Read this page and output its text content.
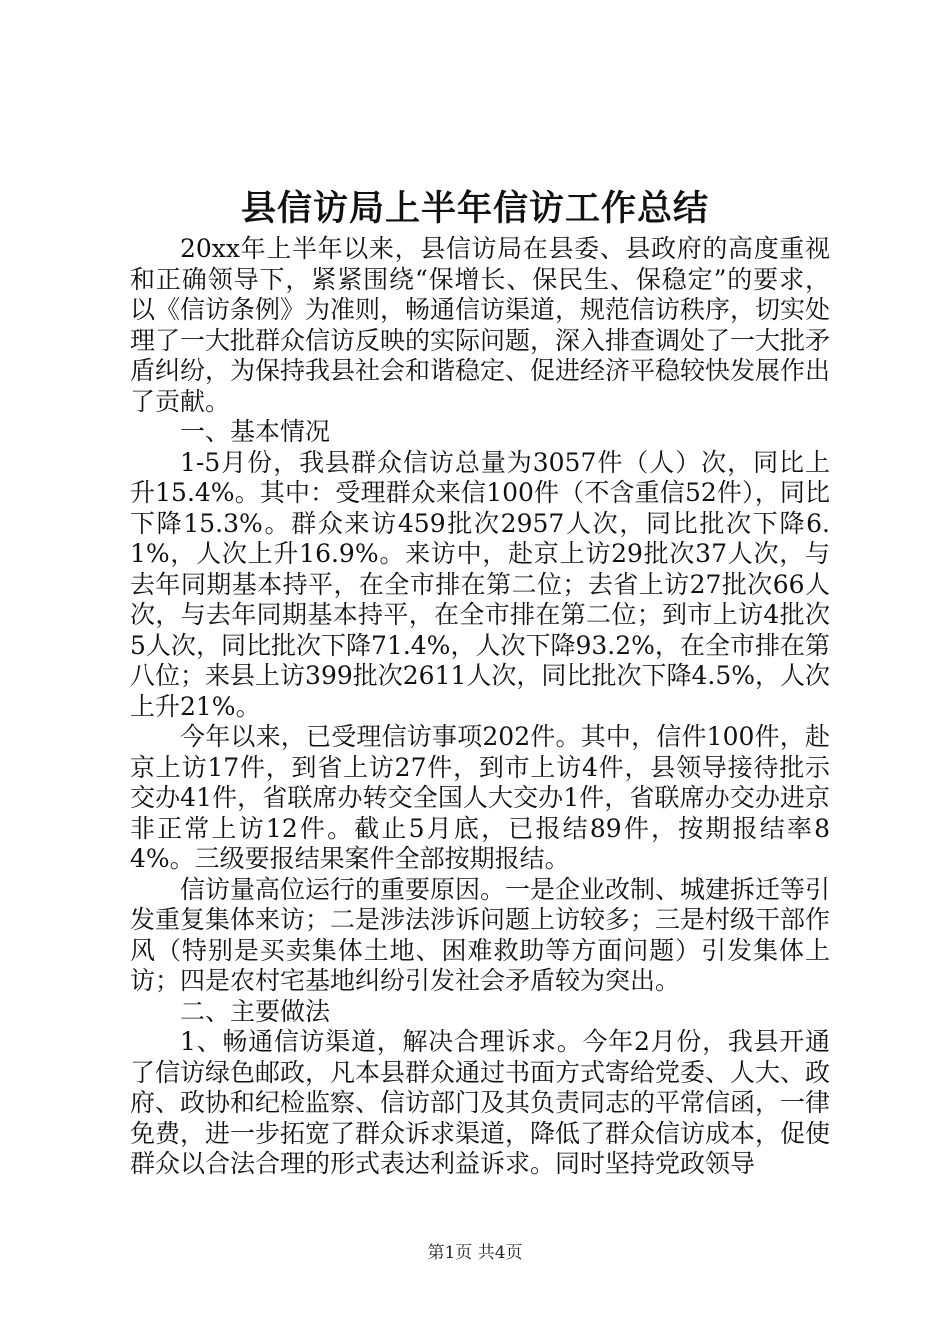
县信访局上半年信访工作总结

20xx年上半年以来，县信访局在县委、县政府的高度重视和正确领导下，紧紧围绕“保增长、保民生、保稳定”的要求，以《信访条例》为准则，畅通信访渠道，规范信访秩序，切实处理了一大批群众信访反映的实际问题，深入排查调处了一大批矛盾纠纷，为保持我县社会和谐稳定、促进经济平稳较快发展作出了贡献。

一、基本情况

1-5月份，我县群众信访总量为3057件（人）次，同比上升15.4%。其中：受理群众来信100件（不含重信52件），同比下降15.3%。群众来访459批次2957人次，同比批次下降6.1%，人次上升16.9%。来访中，赴京上访29批次37人次，与去年同期基本持平，在全市排在第二位；去省上访27批次66人次，与去年同期基本持平，在全市排在第二位；到市上访4批次5人次，同比批次下降71.4%，人次下降93.2%，在全市排在第八位；来县上访399批次2611人次，同比批次下降4.5%，人次上升21%。

今年以来，已受理信访事项202件。其中，信件100件，赴京上访17件，到省上访27件，到市上访4件，县领导接待批示交办41件，省联席办转交全国人大交办1件，省联席办交办进京非正常上访12件。截止5月底，已报结89件，按期报结率84%。三级要报结果案件全部按期报结。

信访量高位运行的重要原因。一是企业改制、城建拆迁等引发重复集体来访；二是涉法涉诉问题上访较多；三是村级干部作风（特别是买卖集体土地、困难救助等方面问题）引发集体上访；四是农村宅基地纠纷引发社会矛盾较为突出。

二、主要做法

1、畅通信访渠道，解决合理诉求。今年2月份，我县开通了信访绿色邮政，凡本县群众通过书面方式寄给党委、人大、政府、政协和纪检监察、信访部门及其负责同志的平常信函，一律免费，进一步拓宽了群众诉求渠道，降低了群众信访成本，促使群众以合法合理的形式表达利益诉求。同时坚持党政领导

第1页 共4页
